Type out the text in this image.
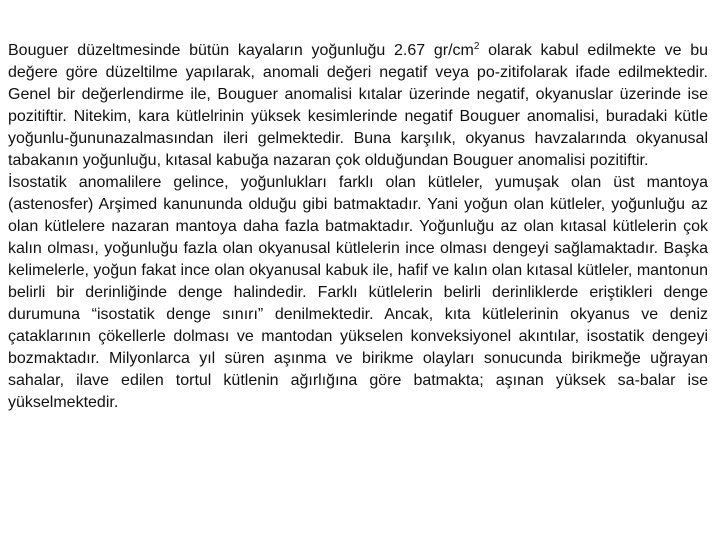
Bouguer düzeltmesinde bütün kayaların yoğunluğu 2.67 $gr/cm^2$ olarak kabul edilmekte ve bu değere göre düzeltilme yapılarak, anomali değeri negatif veya po-zitifolarak ifade edilmektedir. Genel bir değerlendirme ile, Bouguer anomalisi kıtalar üzerinde negatif, okyanuslar üzerinde ise pozitiftir. Nitekim, kara kütlelrinin yüksek kesimlerinde negatif Bouguer anomalisi, buradaki kütle yoğunlu-ğununazalmasından ileri gelmektedir. Buna karşılık, okyanus havzalarında okyanusal tabakanın yoğunluğu, kıtasal kabuğa nazaran çok olduğundan Bouguer anomalisi pozitiftir.

İsostatik anomalilere gelince, yoğunlukları farklı olan kütleler, yumuşak olan üst mantoya (astenosfer) Arşimed kanununda olduğu gibi batmaktadır. Yani yoğun olan kütleler, yoğunluğu az olan kütlelere nazaran mantoya daha fazla batmaktadır. Yoğunluğu az olan kıtasal kütlelerin çok kalın olması, yoğunluğu fazla olan okyanusal kütlelerin ince olması dengeyi sağlamaktadır. Başka kelimelerle, yoğun fakat ince olan okyanusal kabuk ile, hafif ve kalın olan kıtasal kütleler, mantonun belirli bir derinliğinde denge halindedir. Farklı kütlelerin belirli derinliklerde eriştikleri denge durumuna “isostatik denge sınırı” denilmektedir. Ancak, kıta kütlelerinin okyanus ve deniz çataklarının çökellerle dolması ve mantodan yükselen konveksiyonel akıntılar, isostatik dengeyi bozmaktadır. Milyonlarca yıl süren aşınma ve birikme olayları sonucunda birikmeğe uğrayan sahalar, ilave edilen tortul kütlenin ağırlığına göre batmakta; aşınan yüksek sa-balar ise yükselmektedir.
